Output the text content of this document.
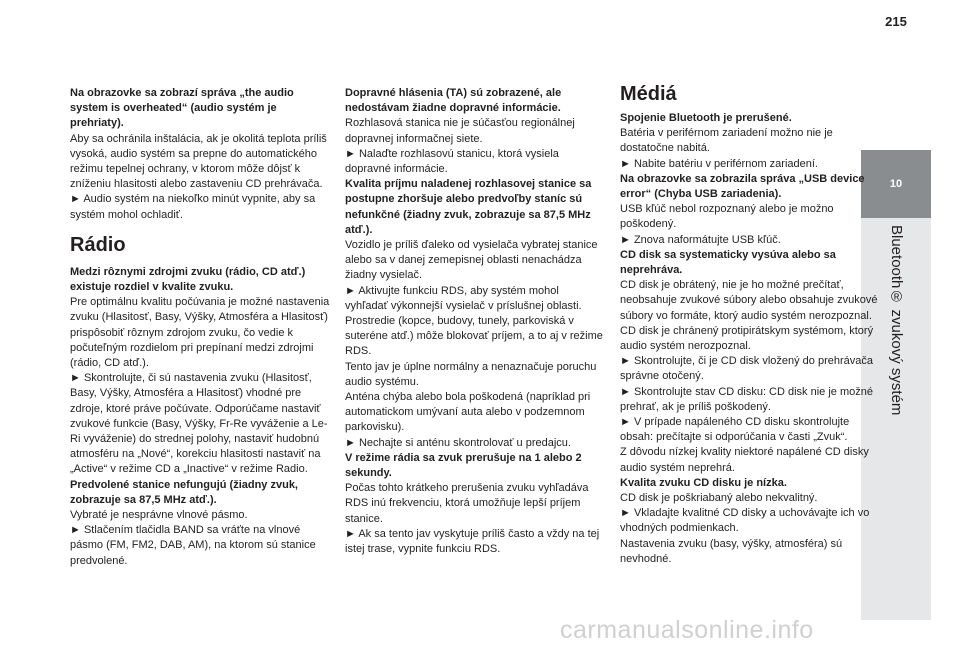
215
10
Bluetooth® zvukový systém

Na obrazovke sa zobrazí správa „the audio system is overheated“ (audio systém je prehriaty).

Aby sa ochránila inštalácia, ak je okolitá teplota príliš vysoká, audio systém sa prepne do automatického režimu tepelnej ochrany, v ktorom môže dôjsť k zníženiu hlasitosti alebo zastaveniu CD prehrávača.

► Audio systém na niekoľko minút vypnite, aby sa systém mohol ochladiť.

Rádio

Medzi rôznymi zdrojmi zvuku (rádio, CD atď.) existuje rozdiel v kvalite zvuku.

Pre optimálnu kvalitu počúvania je možné nastavenia zvuku (Hlasitosť, Basy, Výšky, Atmosféra a Hlasitosť) prispôsobiť rôznym zdrojom zvuku, čo vedie k počuteľným rozdielom pri prepínaní medzi zdrojmi (rádio, CD atď.).

► Skontrolujte, či sú nastavenia zvuku (Hlasitosť, Basy, Výšky, Atmosféra a Hlasitosť) vhodné pre zdroje, ktoré práve počúvate. Odporúčame nastaviť zvukové funkcie (Basy, Výšky, Fr-Re vyváženie a Le-Ri vyváženie) do strednej polohy, nastaviť hudobnú atmosféru na „Nové“, korekciu hlasitosti nastaviť na „Active“ v režime CD a „Inactive“ v režime Radio.

Predvolené stanice nefungujú (žiadny zvuk, zobrazuje sa 87,5 MHz atď.).

Vybraté je nesprávne vlnové pásmo.

► Stlačením tlačidla BAND sa vráťte na vlnové pásmo (FM, FM2, DAB, AM), na ktorom sú stanice predvolené.

Dopravné hlásenia (TA) sú zobrazené, ale nedostávam žiadne dopravné informácie.

Rozhlasová stanica nie je súčasťou regionálnej dopravnej informačnej siete.

► Nalaďte rozhlasovú stanicu, ktorá vysiela dopravné informácie.

Kvalita príjmu naladenej rozhlasovej stanice sa postupne zhoršuje alebo predvoľby staníc sú nefunkčné (žiadny zvuk, zobrazuje sa 87,5 MHz atď.).

Vozidlo je príliš ďaleko od vysielača vybratej stanice alebo sa v danej zemepisnej oblasti nenachádza žiadny vysielač.

► Aktivujte funkciu RDS, aby systém mohol vyhľadať výkonnejší vysielač v príslušnej oblasti.

Prostredie (kopce, budovy, tunely, parkoviská v suteréne atď.) môže blokovať príjem, a to aj v režime RDS.

Tento jav je úplne normálny a nenaznačuje poruchu audio systému.

Anténa chýba alebo bola poškodená (napríklad pri automatickom umývaní auta alebo v podzemnom parkovisku).

► Nechajte si anténu skontrolovať u predajcu.

V režime rádia sa zvuk prerušuje na 1 alebo 2 sekundy.

Počas tohto krátkeho prerušenia zvuku vyhľadáva RDS inú frekvenciu, ktorá umožňuje lepší príjem stanice.

► Ak sa tento jav vyskytuje príliš často a vždy na tej istej trase, vypnite funkciu RDS.

Médiá

Spojenie Bluetooth je prerušené.

Batéria v periférnom zariadení možno nie je dostatočne nabitá.

► Nabite batériu v periférnom zariadení.

Na obrazovke sa zobrazila správa „USB device error“ (Chyba USB zariadenia).

USB kľúč nebol rozpoznaný alebo je možno poškodený.

► Znova naformátujte USB kľúč.

CD disk sa systematicky vysúva alebo sa neprehráva.

CD disk je obrátený, nie je ho možné prečítať, neobsahuje zvukové súbory alebo obsahuje zvukové súbory vo formáte, ktorý audio systém nerozpoznal.

CD disk je chránený protipirátskym systémom, ktorý audio systém nerozpoznal.

► Skontrolujte, či je CD disk vložený do prehrávača správne otočený.

► Skontrolujte stav CD disku: CD disk nie je možné prehrať, ak je príliš poškodený.

► V prípade napáleného CD disku skontrolujte obsah: prečítajte si odporúčania v časti „Zvuk“.

Z dôvodu nízkej kvality niektoré napálené CD disky audio systém neprehrá.

Kvalita zvuku CD disku je nízka.

CD disk je poškriabaný alebo nekvalitný.

► Vkladajte kvalitné CD disky a uchovávajte ich vo vhodných podmienkach.

Nastavenia zvuku (basy, výšky, atmosféra) sú nevhodné.

carmanualsonline.info
